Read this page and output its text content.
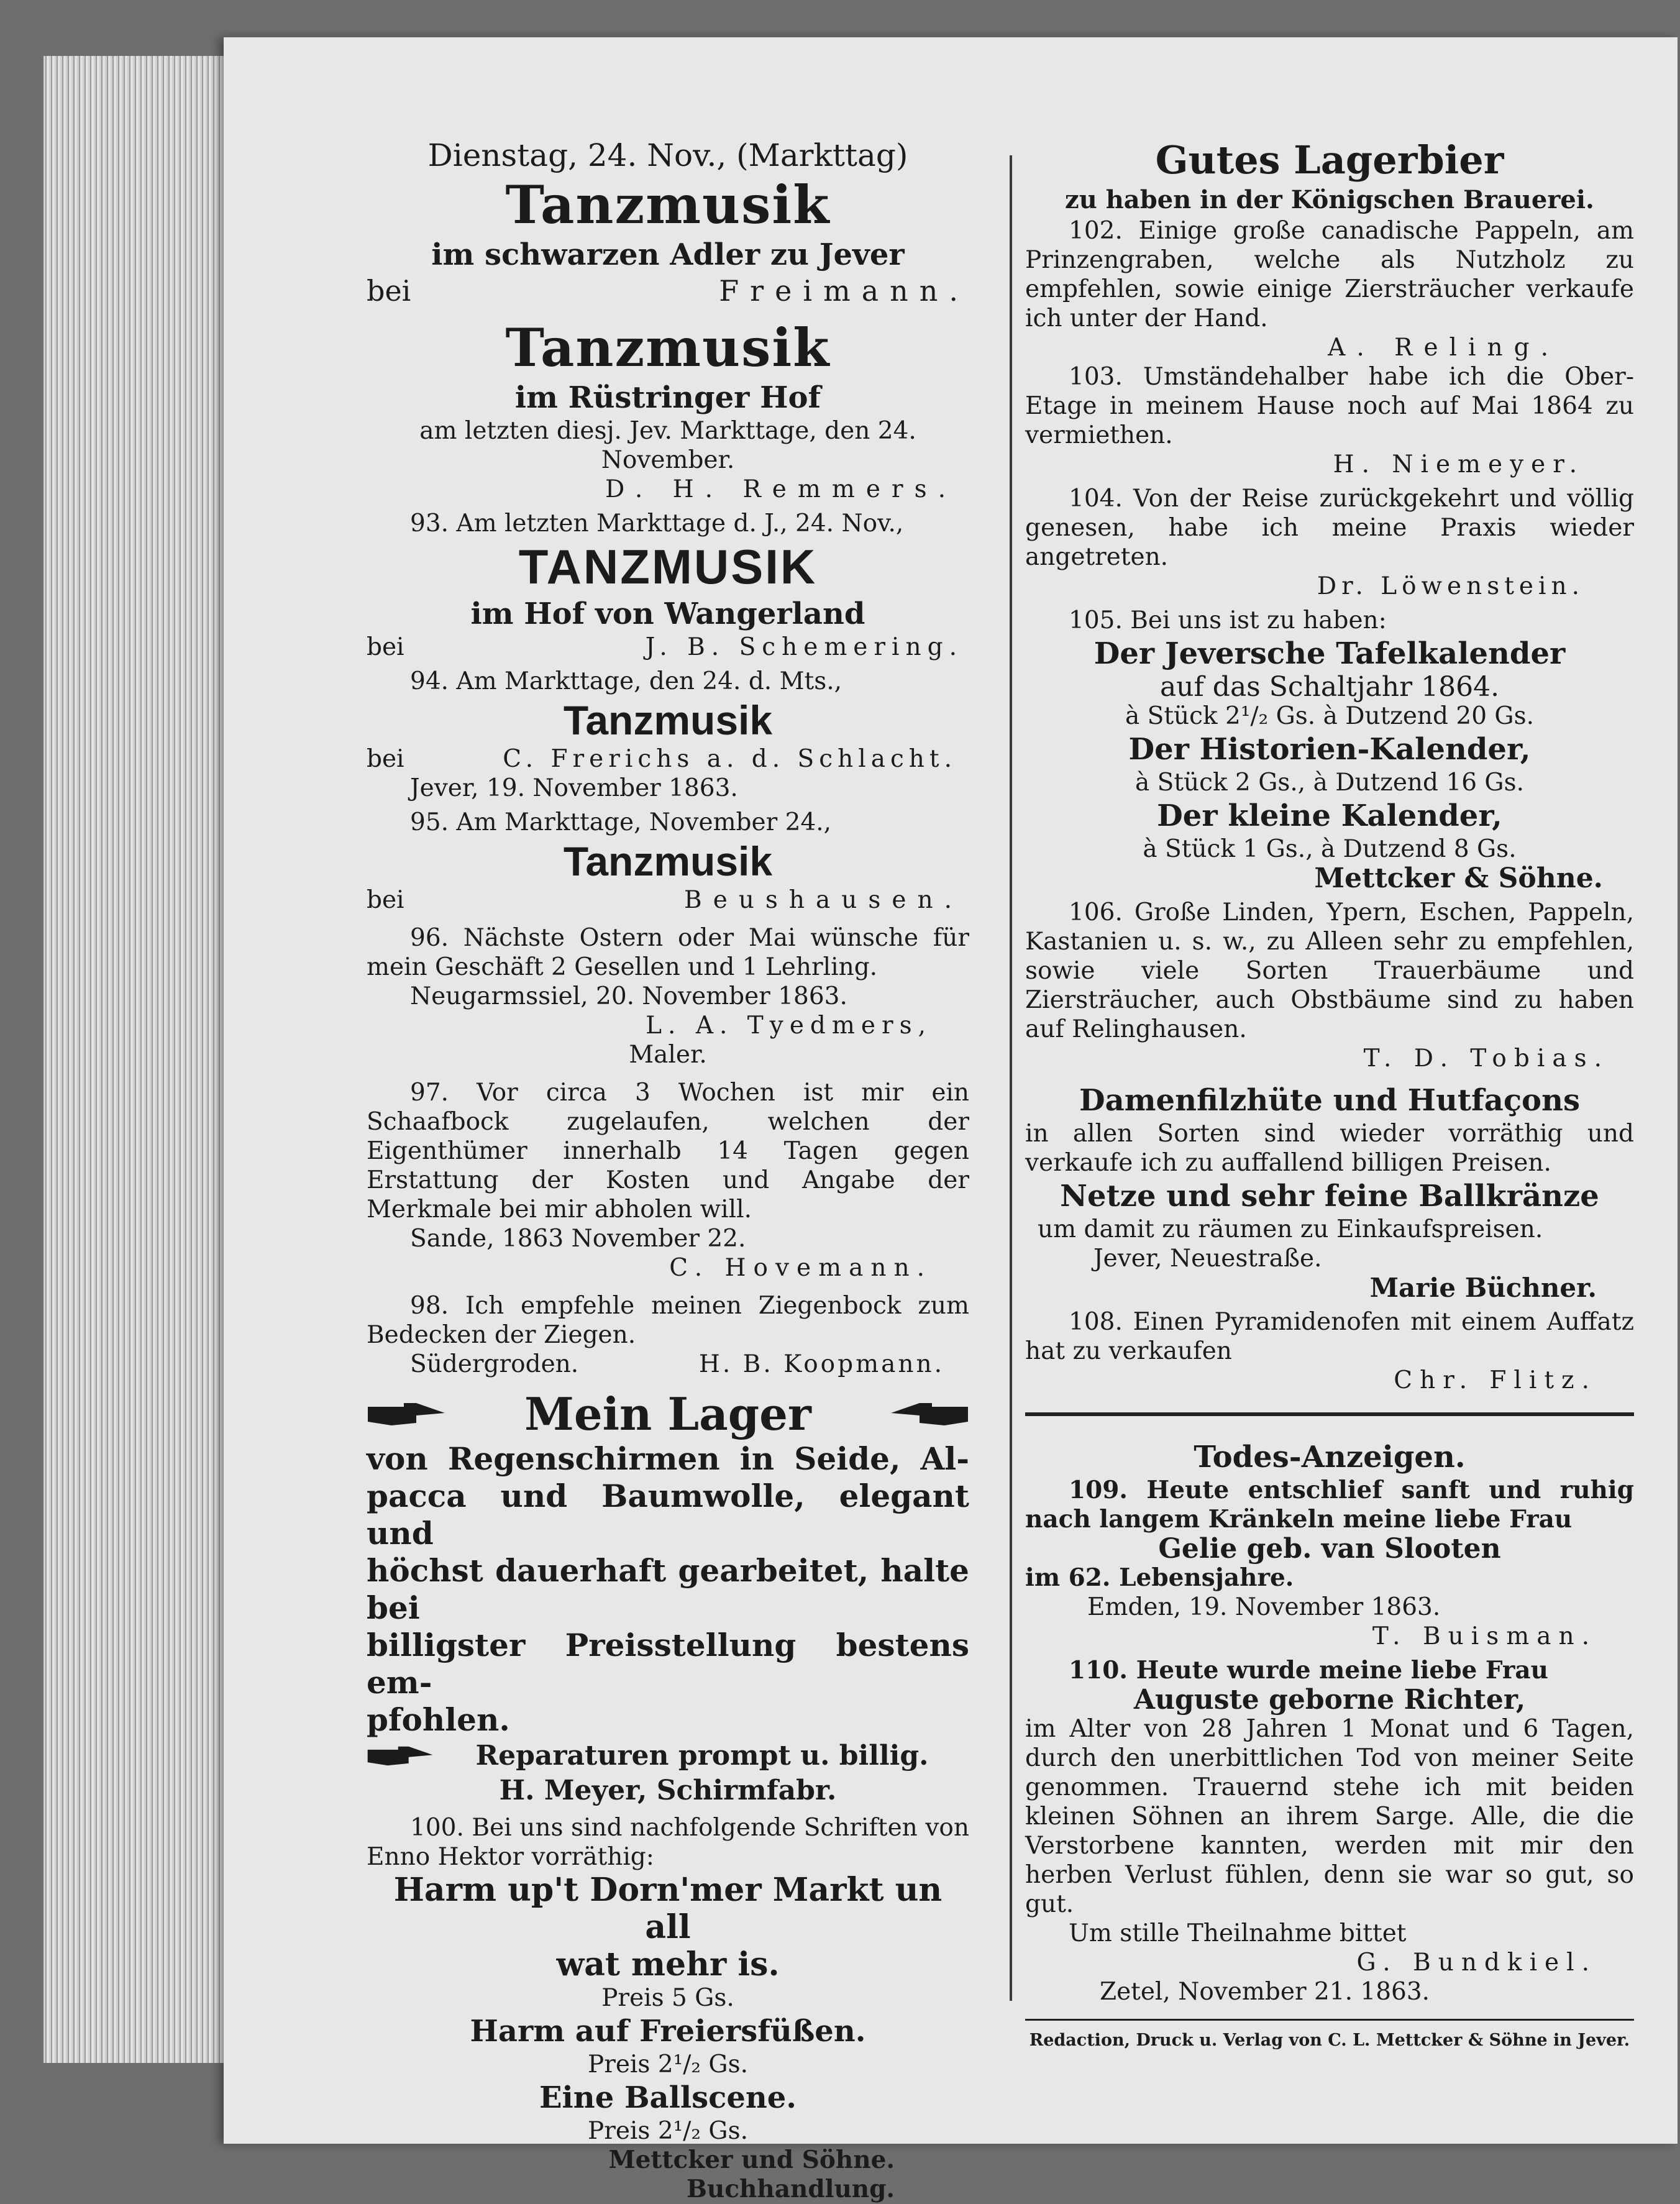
Dienstag, 24. Nov., (Markttag)

Tanzmusik

im schwarzen Adler zu Jever

bei	Freimann.

Tanzmusik

im Rüstringer Hof

am letzten diesj. Jev. Markttage, den 24. November.

D. H. Remmers.

93. Am letzten Markttage d. J., 24. Nov.,

TANZMUSIK

im Hof von Wangerland

bei	J. B. Schemering.

94. Am Markttage, den 24. d. Mts.,

Tanzmusik

bei	C. Frerichs a. d. Schlacht.

Jever, 19. November 1863.

95. Am Markttage, November 24.,

Tanzmusik

bei	Beushausen.

96. Nächste Ostern oder Mai wünsche für mein Geschäft 2 Gesellen und 1 Lehrling.

Neugarmssiel, 20. November 1863.

L. A. Tyedmers,

Maler.

97. Vor circa 3 Wochen ist mir ein Schaafbock zugelaufen, welchen der Eigenthümer innerhalb 14 Tagen gegen Erstattung der Kosten und Angabe der Merkmale bei mir abholen will.

Sande, 1863 November 22.

C. Hovemann.

98. Ich empfehle meinen Ziegenbock zum Bedecken der Ziegen.

Südergroden.	H. B. Koopmann.
Mein Lager

von Regenschirmen in Seide, Al-

pacca und Baumwolle, elegant und

höchst dauerhaft gearbeitet, halte bei

billigster Preisstellung bestens em-

pfohlen.

Reparaturen prompt u. billig.

H. Meyer, Schirmfabr.

100. Bei uns sind nachfolgende Schriften von Enno Hektor vorräthig:

Harm up't Dorn'mer Markt un all

wat mehr is.

Preis 5 Gs.

Harm auf Freiersfüßen.

Preis 2¹/₂ Gs.

Eine Ballscene.

Preis 2¹/₂ Gs.

Mettcker und Söhne.

Buchhandlung.

Gutes Lagerbier

zu haben in der Königschen Brauerei.

102. Einige große canadische Pappeln, am Prinzengraben, welche als Nutzholz zu empfehlen, sowie einige Ziersträucher verkaufe ich unter der Hand.

A. Reling.

103. Umständehalber habe ich die Ober-Etage in meinem Hause noch auf Mai 1864 zu vermiethen.

H. Niemeyer.

104. Von der Reise zurückgekehrt und völlig genesen, habe ich meine Praxis wieder angetreten.

Dr. Löwenstein.

105. Bei uns ist zu haben:

Der Jeversche Tafelkalender

auf das Schaltjahr 1864.

à Stück 2¹/₂ Gs. à Dutzend 20 Gs.

Der Historien-Kalender,

à Stück 2 Gs., à Dutzend 16 Gs.

Der kleine Kalender,

à Stück 1 Gs., à Dutzend 8 Gs.

Mettcker & Söhne.

106. Große Linden, Ypern, Eschen, Pappeln, Kastanien u. s. w., zu Alleen sehr zu empfehlen, sowie viele Sorten Trauerbäume und Ziersträucher, auch Obstbäume sind zu haben auf Relinghausen.

T. D. Tobias.

Damenfilzhüte und Hutfaçons

in allen Sorten sind wieder vorräthig und verkaufe ich zu auffallend billigen Preisen.

Netze und sehr feine Ballkränze

um damit zu räumen zu Einkaufspreisen.

Jever, Neuestraße.

Marie Büchner.

108. Einen Pyramidenofen mit einem Auffatz hat zu verkaufen

Chr. Flitz.

Todes-Anzeigen.

109. Heute entschlief sanft und ruhig nach langem Kränkeln meine liebe Frau

Gelie geb. van Slooten

im 62. Lebensjahre.

Emden, 19. November 1863.

T. Buisman.

110. Heute wurde meine liebe Frau

Auguste geborne Richter,

im Alter von 28 Jahren 1 Monat und 6 Tagen, durch den unerbittlichen Tod von meiner Seite genommen. Trauernd stehe ich mit beiden kleinen Söhnen an ihrem Sarge. Alle, die die Verstorbene kannten, werden mit mir den herben Verlust fühlen, denn sie war so gut, so gut.

Um stille Theilnahme bittet

G. Bundkiel.

Zetel, November 21. 1863.

Redaction, Druck u. Verlag von C. L. Mettcker & Söhne in Jever.
